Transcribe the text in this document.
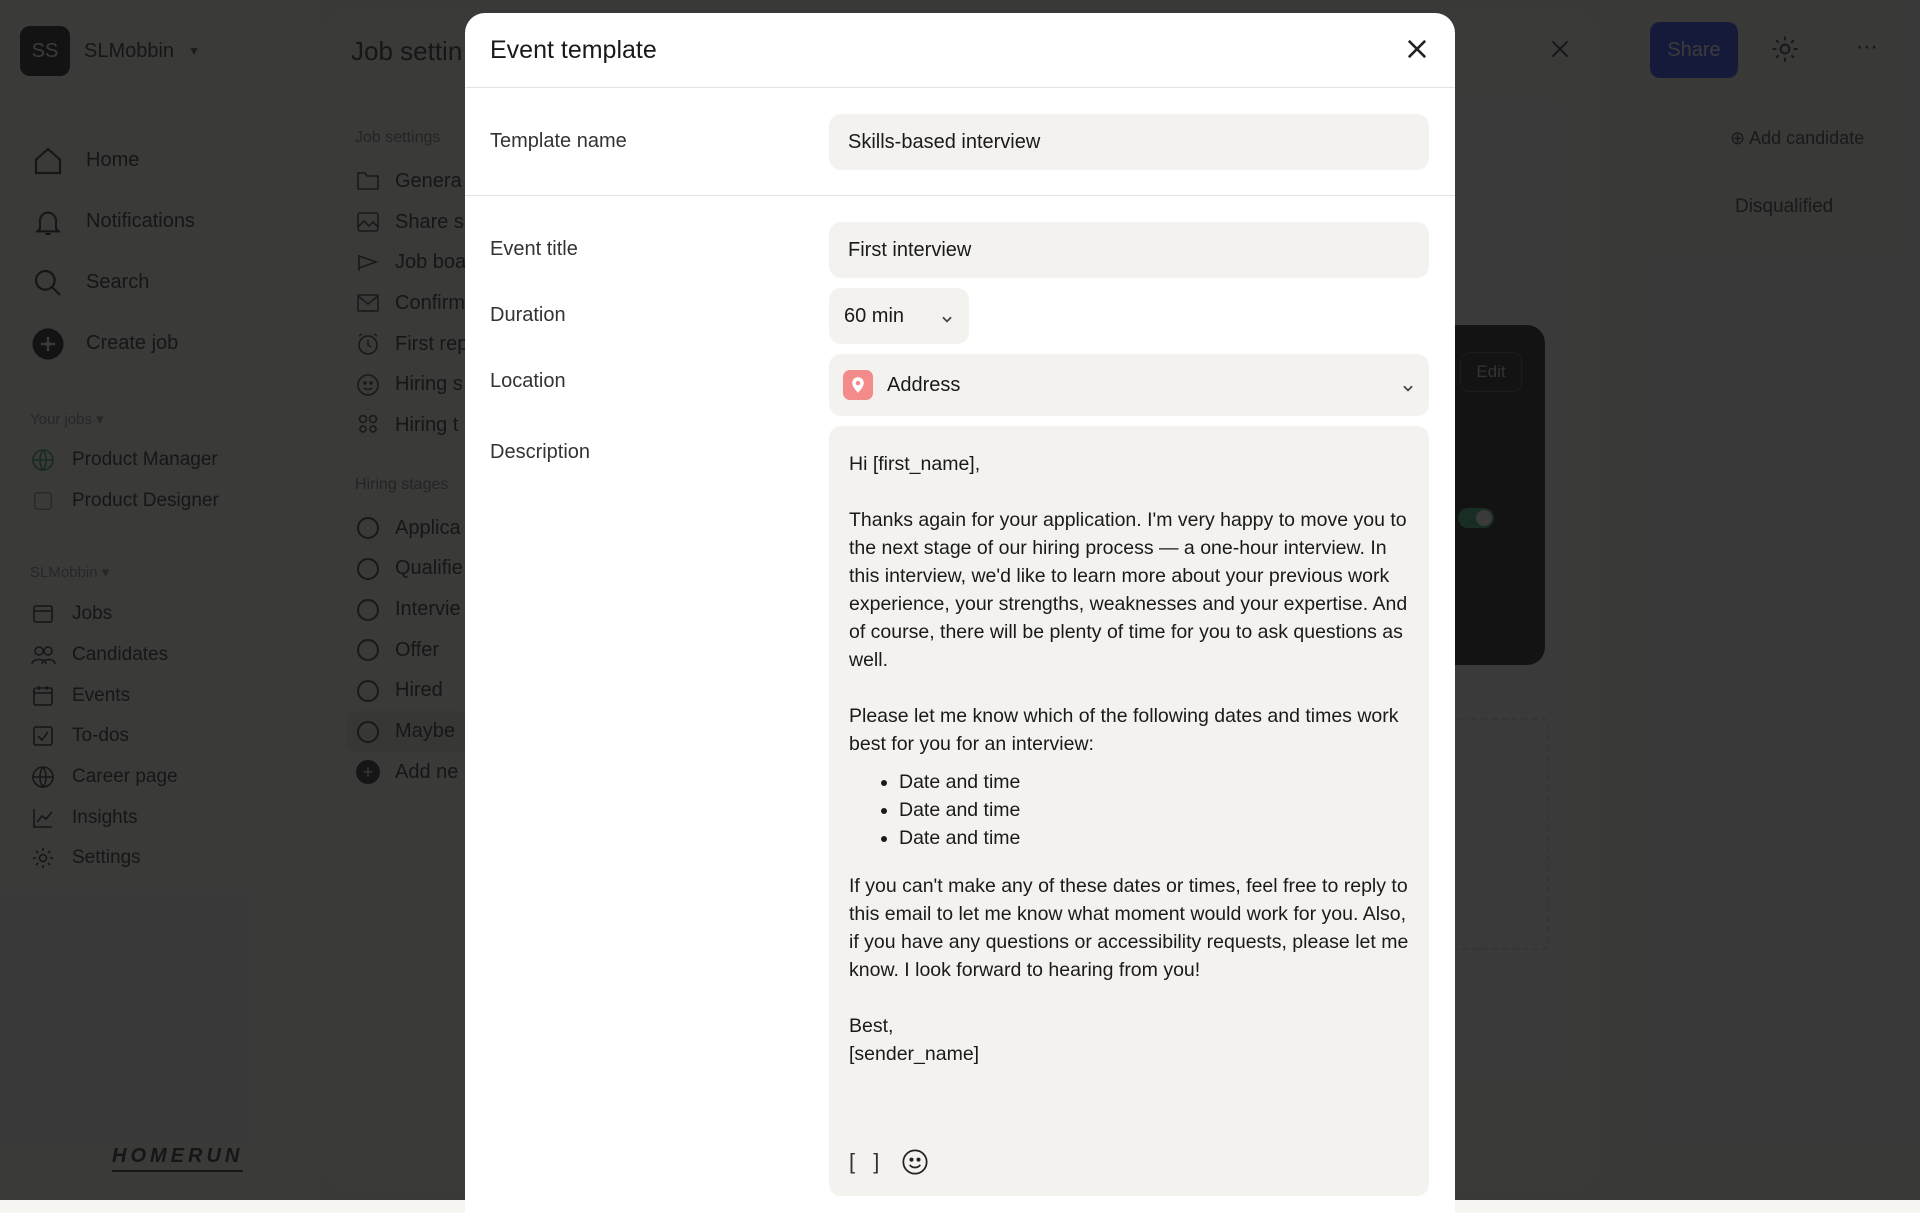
Event template
Template name
Skills-based interview
Event title
First interview
Duration	60 min
Location	Address
Description

Hi [first_name],

Thanks again for your application. I'm very happy to move you to the next stage of our hiring process — a one-hour interview. In this interview, we'd like to learn more about your previous work experience, your strengths, weaknesses and your expertise. And of course, there will be plenty of time for you to ask questions as well.

Please let me know which of the following dates and times work best for you for an interview:

• Date and time
• Date and time
• Date and time

If you can't make any of these dates or times, feel free to reply to this email to let me know what moment would work for you. Also, if you have any questions or accessibility requests, please let me know. I look forward to hearing from you!

Best,

[sender_name]

[ ]
